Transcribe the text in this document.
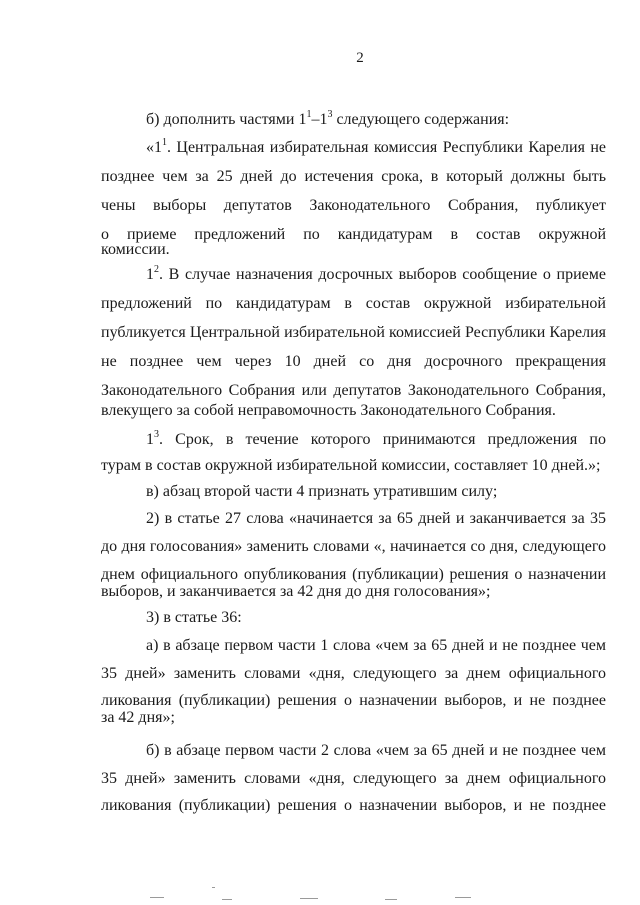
2
б) дополнить частями $1^1-1^3$ следующего содержания:
«$1^1$. Центральная избирательная комиссия Республики Карелия не
позднее чем за 25 дней до истечения срока, в который должны быть
чены выборы депутатов Законодательного Собрания, публикует
о приеме предложений по кандидатурам в состав окружной
комиссии.
$1^2$. В случае назначения досрочных выборов сообщение о приеме
предложений по кандидатурам в состав окружной избирательной
публикуется Центральной избирательной комиссией Республики Карелия
не позднее чем через 10 дней со дня досрочного прекращения
Законодательного Собрания или депутатов Законодательного Собрания,
влекущего за собой неправомочность Законодательного Собрания.
$1^3$. Срок, в течение которого принимаются предложения по
турам в состав окружной избирательной комиссии, составляет 10 дней.»;
в) абзац второй части 4 признать утратившим силу;
2) в статье 27 слова «начинается за 65 дней и заканчивается за 35
до дня голосования» заменить словами «, начинается со дня, следующего
днем официального опубликования (публикации) решения о назначении
выборов, и заканчивается за 42 дня до дня голосования»;
3) в статье 36:
а) в абзаце первом части 1 слова «чем за 65 дней и не позднее чем
35 дней» заменить словами «дня, следующего за днем официального
ликования (публикации) решения о назначении выборов, и не позднее
за 42 дня»;
б) в абзаце первом части 2 слова «чем за 65 дней и не позднее чем
35 дней» заменить словами «дня, следующего за днем официального
ликования (публикации) решения о назначении выборов, и не позднее
